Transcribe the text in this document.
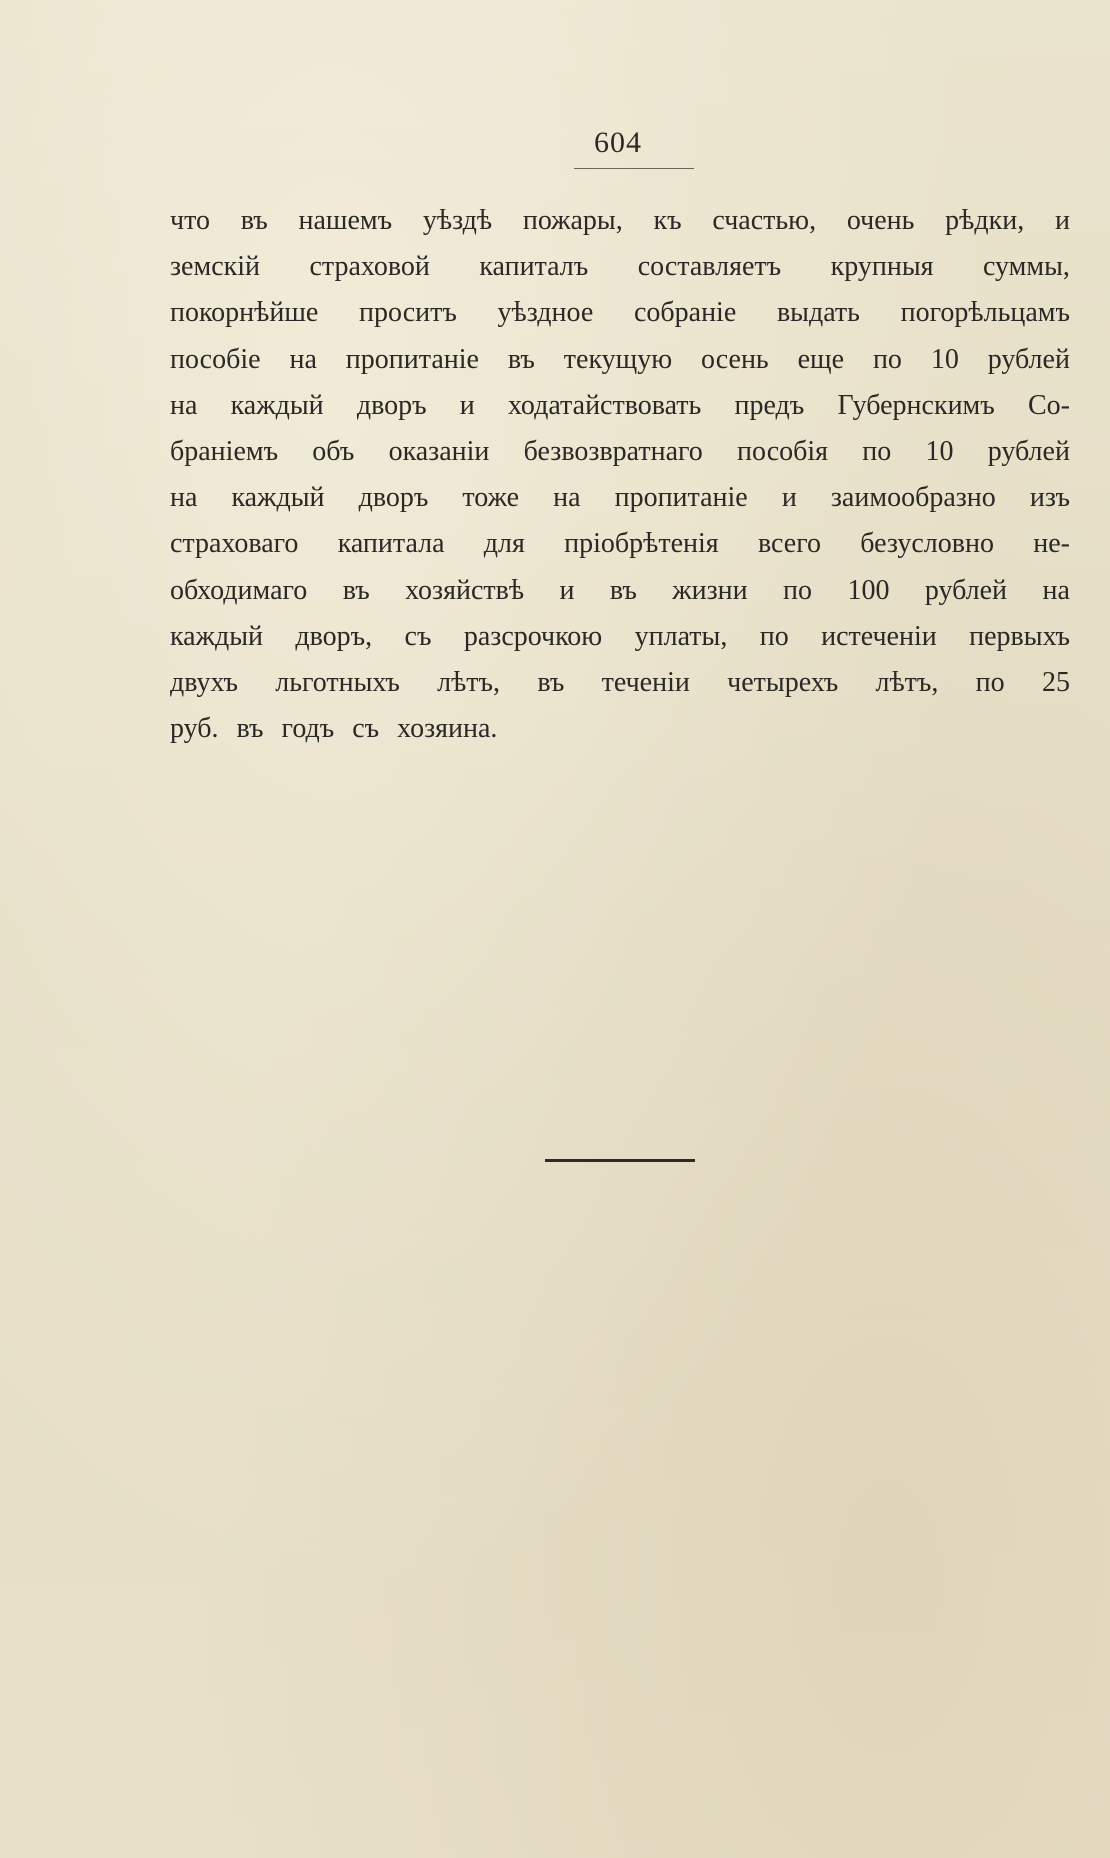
604
что въ нашемъ уѣздѣ пожары, къ счастью, очень рѣдки, и
земскій страховой капиталъ составляетъ крупныя суммы,
покорнѣйше проситъ уѣздное собраніе выдать погорѣльцамъ
пособіе на пропитаніе въ текущую осень еще по 10 рублей
на каждый дворъ и ходатайствовать предъ Губернскимъ Со-
браніемъ объ оказаніи безвозвратнаго пособія по 10 рублей
на каждый дворъ тоже на пропитаніе и заимообразно изъ
страховаго капитала для пріобрѣтенія всего безусловно не-
обходимаго въ хозяйствѣ и въ жизни по 100 рублей на
каждый дворъ, съ разсрочкою уплаты, по истеченіи первыхъ
двухъ льготныхъ лѣтъ, въ теченіи четырехъ лѣтъ, по 25
руб. въ годъ съ хозяина.
